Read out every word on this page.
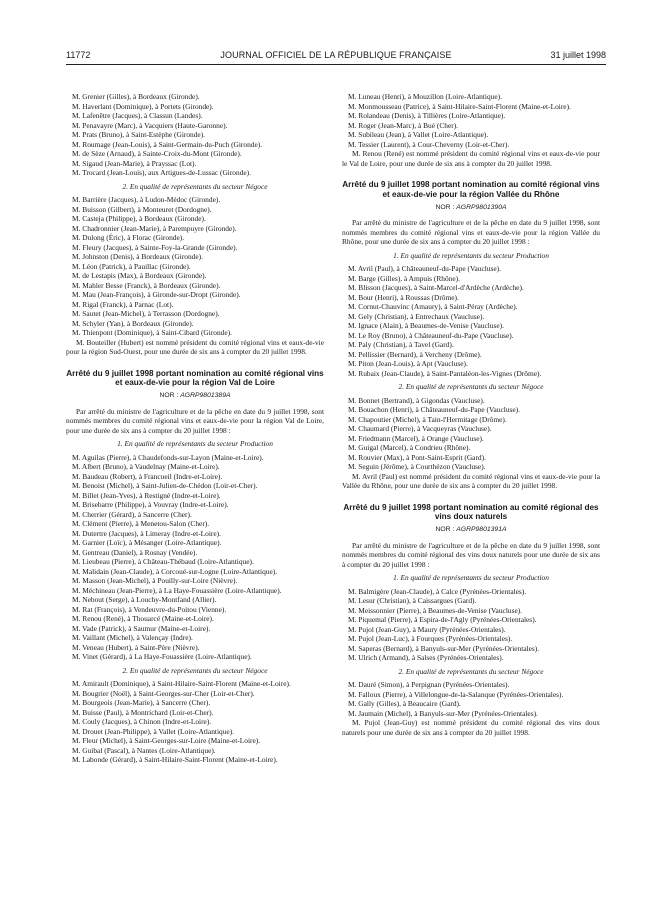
11772	JOURNAL OFFICIEL DE LA RÉPUBLIQUE FRANÇAISE	31 juillet 1998

M. Grenier (Gilles), à Bordeaux (Gironde).

M. Haverlant (Dominique), à Portets (Gironde).

M. Lafenêtre (Jacques), à Classun (Landes).

M. Penavayre (Marc), à Vacquiers (Haute-Garonne).

M. Prats (Bruno), à Saint-Estèphe (Gironde).

M. Roumage (Jean-Louis), à Saint-Germain-du-Puch (Gironde).

M. de Sèze (Arnaud), à Sainte-Croix-du-Mont (Gironde).

M. Sigaud (Jean-Marie), à Prayssac (Lot).

M. Trocard (Jean-Louis), aux Artigues-de-Lussac (Gironde).

2. En qualité de représentants du secteur Négoce

M. Barrière (Jacques), à Ludon-Médoc (Gironde).

M. Buisson (Gilbert), à Monteuret (Dordogne).

M. Casteja (Philippe), à Bordeaux (Gironde).

M. Chadronnier (Jean-Marie), à Parempuyre (Gironde).

M. Dulong (Éric), à Florac (Gironde).

M. Fleury (Jacques), à Sainte-Foy-la-Grande (Gironde).

M. Johnston (Denis), à Bordeaux (Gironde).

M. Léon (Patrick), à Pauillac (Gironde).

M. de Lestapis (Max), à Bordeaux (Gironde).

M. Mahler Besse (Franck), à Bordeaux (Gironde).

M. Mau (Jean-François), à Gironde-sur-Dropt (Gironde).

M. Rigal (Franck), à Parnac (Lot).

M. Sautet (Jean-Michel), à Terrasson (Dordogne).

M. Schyler (Yan), à Bordeaux (Gironde).

M. Thienpont (Dominique), à Saint-Cibard (Gironde).

M. Bouteiller (Hubert) est nommé président du comité régional vins et eaux-de-vie pour la région Sud-Ouest, pour une durée de six ans à compter du 20 juillet 1998.

Arrêté du 9 juillet 1998 portant nomination au comité régional vins et eaux-de-vie pour la région Val de Loire
NOR : AGRP9801389A

Par arrêté du ministre de l'agriculture et de la pêche en date du 9 juillet 1998, sont nommés membres du comité régional vins et eaux-de-vie pour la région Val de Loire, pour une durée de six ans à compter du 20 juillet 1998 :

1. En qualité de représentants du secteur Production

M. Aguilas (Pierre), à Chaudefonds-sur-Layon (Maine-et-Loire).

M. Albert (Bruno), à Vaudelnay (Maine-et-Loire).

M. Baudeau (Robert), à Francueil (Indre-et-Loire).

M. Benoist (Michel), à Saint-Julien-de-Chédon (Loir-et-Cher).

M. Billet (Jean-Yves), à Restigné (Indre-et-Loire).

M. Brisebarre (Philippe), à Vouvray (Indre-et-Loire).

M. Cherrier (Gérard), à Sancerre (Cher).

M. Clément (Pierre), à Menetou-Salon (Cher).

M. Dutertre (Jacques), à Limeray (Indre-et-Loire).

M. Garnier (Loïc), à Mésanger (Loire-Atlantique).

M. Gentreau (Daniel), à Rosnay (Vendée).

M. Lieubeau (Pierre), à Château-Thébaud (Loire-Atlantique).

M. Malidain (Jean-Claude), à Corcoué-sur-Logne (Loire-Atlantique).

M. Masson (Jean-Michel), à Pouilly-sur-Loire (Nièvre).

M. Méchineau (Jean-Pierre), à La Haye-Fouassière (Loire-Atlantique).

M. Nebout (Serge), à Louchy-Montfand (Allier).

M. Rat (François), à Vendeuvre-du-Poitou (Vienne).

M. Renou (René), à Thouarcé (Maine-et-Loire).

M. Vade (Patrick), à Saumur (Maine-et-Loire).

M. Vaillant (Michel), à Valençay (Indre).

M. Veneau (Hubert), à Saint-Père (Nièvre).

M. Vinet (Gérard), à La Haye-Fouassière (Loire-Atlantique).

2. En qualité de représentants du secteur Négoce

M. Amirault (Dominique), à Saint-Hilaire-Saint-Florent (Maine-et-Loire).

M. Bougrier (Noël), à Saint-Georges-sur-Cher (Loir-et-Cher).

M. Bourgeois (Jean-Marie), à Sancerre (Cher).

M. Buisse (Paul), à Montrichard (Loir-et-Cher).

M. Couly (Jacques), à Chinon (Indre-et-Loire).

M. Drouet (Jean-Philippe), à Vallet (Loire-Atlantique).

M. Fleur (Michel), à Saint-Georges-sur-Loire (Maine-et-Loire).

M. Guibal (Pascal), à Nantes (Loire-Atlantique).

M. Labonde (Gérard), à Saint-Hilaire-Saint-Florent (Maine-et-Loire).

M. Luneau (Henri), à Mouzillon (Loire-Atlantique).

M. Monmousseau (Patrice), à Saint-Hilaire-Saint-Florent (Maine-et-Loire).

M. Rolandeau (Denis), à Tillières (Loire-Atlantique).

M. Roger (Jean-Marc), à Bué (Cher).

M. Subileau (Jean), à Vallet (Loire-Atlantique).

M. Tessier (Laurent), à Cour-Cheverny (Loir-et-Cher).

M. Renou (René) est nommé président du comité régional vins et eaux-de-vie pour le Val de Loire, pour une durée de six ans à compter du 20 juillet 1998.

Arrêté du 9 juillet 1998 portant nomination au comité régional vins et eaux-de-vie pour la région Vallée du Rhône
NOR : AGRP9801390A

Par arrêté du ministre de l'agriculture et de la pêche en date du 9 juillet 1998, sont nommés membres du comité régional vins et eaux-de-vie pour la région Vallée du Rhône, pour une durée de six ans à compter du 20 juillet 1998 :

1. En qualité de représentants du secteur Production

M. Avril (Paul), à Châteauneuf-du-Pape (Vaucluse).

M. Barge (Gilles), à Ampuis (Rhône).

M. Blisson (Jacques), à Saint-Marcel-d'Ardèche (Ardèche).

M. Bour (Henri), à Roussas (Drôme).

M. Cornut-Chauvinc (Amaury), à Saint-Péray (Ardèche).

M. Gely (Christian), à Entrechaux (Vaucluse).

M. Ignace (Alain), à Beaumes-de-Venise (Vaucluse).

M. Le Roy (Bruno), à Châteauneuf-du-Pape (Vaucluse).

M. Paly (Christian), à Tavel (Gard).

M. Pellissier (Bernard), à Vercheny (Drôme).

M. Piton (Jean-Louis), à Apt (Vaucluse).

M. Rubaix (Jean-Claude), à Saint-Pantaléon-les-Vignes (Drôme).

2. En qualité de représentants du secteur Négoce

M. Bonnet (Bertrand), à Gigondas (Vaucluse).

M. Bouachon (Henri), à Châteauneuf-du-Pape (Vaucluse).

M. Chapoutier (Michel), à Tain-l'Hermitage (Drôme).

M. Chaumard (Pierre), à Vacqueyras (Vaucluse).

M. Friedmann (Marcel), à Orange (Vaucluse).

M. Guigal (Marcel), à Condrieu (Rhône).

M. Rouvier (Max), à Pont-Saint-Esprit (Gard).

M. Seguin (Jérôme), à Courthézon (Vaucluse).

M. Avril (Paul) est nommé président du comité régional vins et eaux-de-vie pour la Vallée du Rhône, pour une durée de six ans à compter du 20 juillet 1998.

Arrêté du 9 juillet 1998 portant nomination au comité régional des vins doux naturels
NOR : AGRP9801391A

Par arrêté du ministre de l'agriculture et de la pêche en date du 9 juillet 1998, sont nommés membres du comité régional des vins doux naturels pour une durée de six ans à compter du 20 juillet 1998 :

1. En qualité de représentants du secteur Production

M. Balmigère (Jean-Claude), à Calce (Pyrénées-Orientales).

M. Lesur (Christian), à Caissargues (Gard).

M. Meissonnier (Pierre), à Beaumes-de-Venise (Vaucluse).

M. Piquemal (Pierre), à Espira-de-l'Agly (Pyrénées-Orientales).

M. Pujol (Jean-Guy), à Maury (Pyrénées-Orientales).

M. Pujol (Jean-Luc), à Fourques (Pyrénées-Orientales).

M. Saperas (Bernard), à Banyuls-sur-Mer (Pyrénées-Orientales).

M. Ulrich (Armand), à Salses (Pyrénées-Orientales).

2. En qualité de représentants du secteur Négoce

M. Dauré (Simon), à Perpignan (Pyrénées-Orientales).

M. Falloux (Pierre), à Villelongue-de-la-Salanque (Pyrénées-Orientales).

M. Gally (Gilles), à Beaucaire (Gard).

M. Jaumain (Michel), à Banyuls-sur-Mer (Pyrénées-Orientales).

M. Pujol (Jean-Guy) est nommé président du comité régional des vins doux naturels pour une durée de six ans à compter du 20 juillet 1998.
